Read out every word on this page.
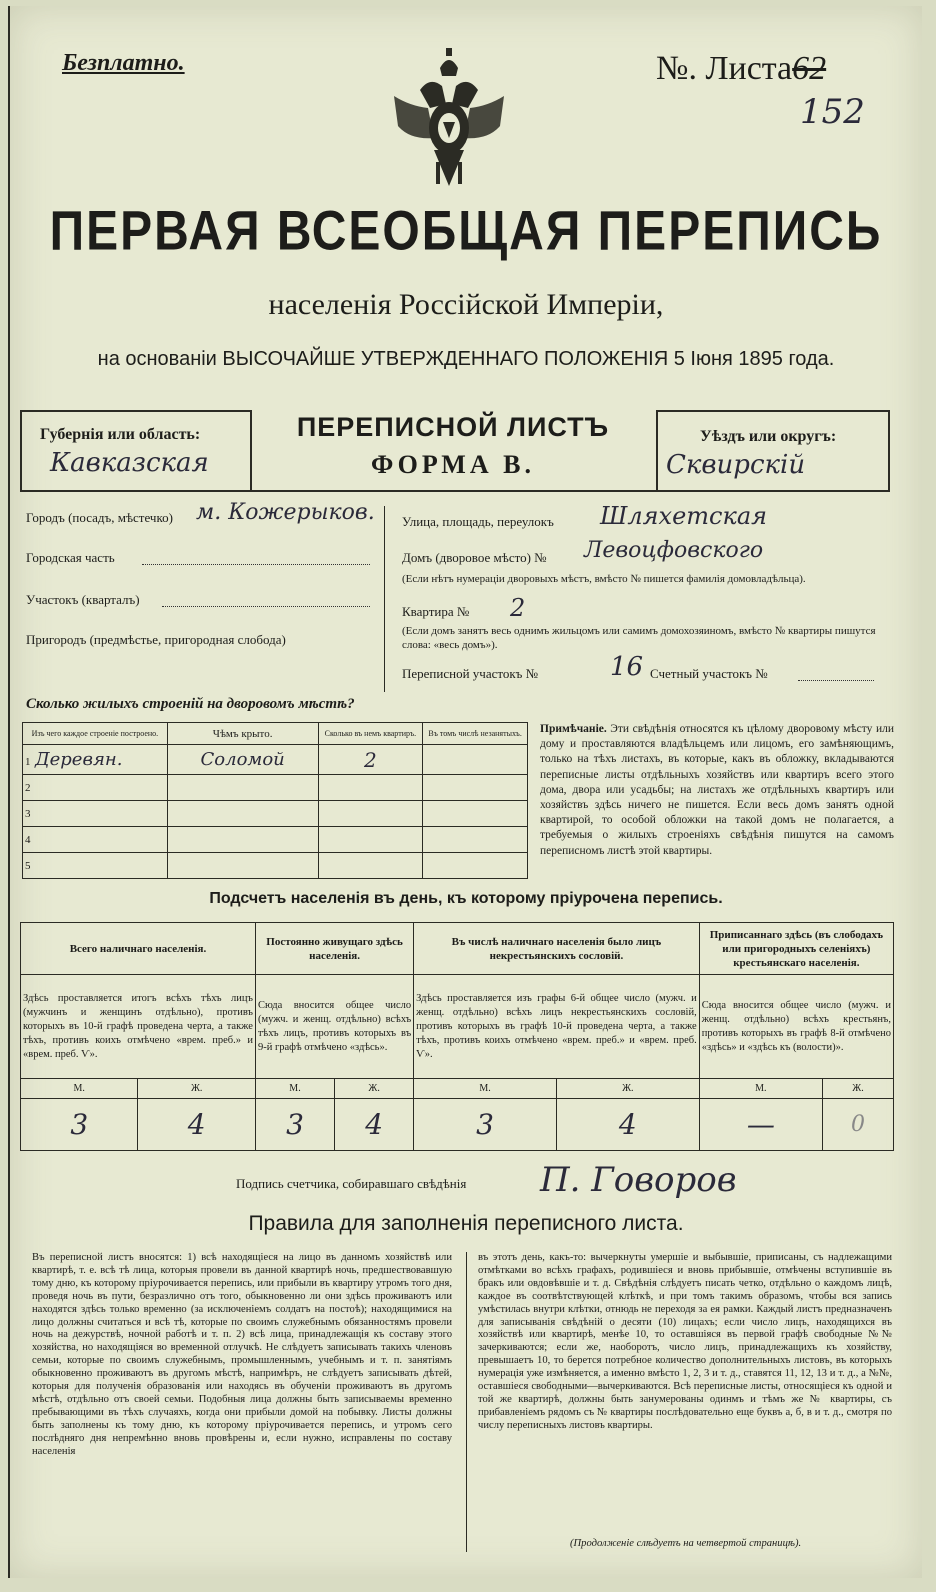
Безплатно.	№. Листа62
152
ПЕРВАЯ ВСЕОБЩАЯ ПЕРЕПИСЬ
населенія Россійской Имперіи,
на основаніи ВЫСОЧАЙШЕ УТВЕРЖДЕННАГО ПОЛОЖЕНІЯ 5 Іюня 1895 года.
Губернія или область:
Кавказская
Уѣздъ или округъ:
Сквирскій
ПЕРЕПИСНОЙ ЛИСТЪ
ФОРМА В.
Городъ (посадъ, мѣстечко) м. Кожерыков.
Городская часть
Участокъ (кварталъ)
Пригородъ (предмѣстье, пригородная слобода)
Улица, площадь, переулокъ Шляхетская
Домъ (дворовое мѣсто) № Левоцфовского
(Если нѣтъ нумераціи дворовыхъ мѣстъ, вмѣсто № пишется фамилія домовладѣльца).
Квартира № 2
(Если домъ занятъ весь однимъ жильцомъ или самимъ домохозяиномъ, вмѣсто № квартиры пишутся слова: «весь домъ»).
Переписной участокъ №	16 Счетный участокъ №
Сколько жилыхъ строеній на дворовомъ мѣстѣ?
Изъ чего каждое строеніе построено.	Чѣмъ крыто.	Сколько въ немъ квартиръ.	Въ томъ числѣ незанятыхъ.
1 Деревян.	Соломой	2	
2			
3			
4			
5			
Примѣчаніе. Эти свѣдѣнія относятся къ цѣлому дворовому мѣсту или дому и проставляются владѣльцемъ или лицомъ, его замѣняющимъ, только на тѣхъ листахъ, въ которые, какъ въ обложку, вкладываются переписные листы отдѣльныхъ хозяйствъ или квартиръ всего этого дома, двора или усадьбы; на листахъ же отдѣльныхъ квартиръ или хозяйствъ здѣсь ничего не пишется. Если весь домъ занятъ одной квартирой, то особой обложки на такой домъ не полагается, а требуемыя о жилыхъ строеніяхъ свѣдѣнія пишутся на самомъ переписномъ листѣ этой квартиры.
Подсчетъ населенія въ день, къ которому пріурочена перепись.
Всего наличнаго населенія.		Постоянно живущаго здѣсь населенія.		Въ числѣ наличнаго населенія было лицъ некрестьянскихъ сословій.		Приписаннаго здѣсь (въ слободахъ или пригородныхъ селеніяхъ) крестьянскаго населенія.	
Здѣсь проставляется итогъ всѣхъ тѣхъ лицъ (мужчинъ и женщинъ отдѣльно), противъ которыхъ въ 10-й графѣ проведена черта, а также тѣхъ, противъ коихъ отмѣчено «врем. преб.» и «врем. преб. Ѵ».		Сюда вносится общее число (мужч. и женщ. отдѣльно) всѣхъ тѣхъ лицъ, противъ которыхъ въ 9-й графѣ отмѣчено «здѣсь».		Здѣсь проставляется изъ графы 6-й общее число (мужч. и женщ. отдѣльно) всѣхъ лицъ некрестьянскихъ сословій, противъ которыхъ въ графѣ 10-й проведена черта, а также тѣхъ, противъ коихъ отмѣчено «врем. преб.» и «врем. преб. Ѵ».		Сюда вносится общее число (мужч. и женщ. отдѣльно) всѣхъ крестьянъ, противъ которыхъ въ графѣ 8-й отмѣчено «здѣсь» и «здѣсь къ (волости)».	
М.	Ж.	М.	Ж.	М.	Ж.	М.	Ж.
3	4	3	4	3	4	—	0
Подпись счетчика, собиравшаго свѣдѣнія П. Говоров
Правила для заполненія переписного листа.
Въ переписной листъ вносятся: 1) всѣ находящіеся на лицо въ данномъ хозяйствѣ или квартирѣ, т. е. всѣ тѣ лица, которыя провели въ данной квартирѣ ночь, предшествовавшую тому дню, къ которому пріурочивается перепись, или прибыли въ квартиру утромъ того дня, проведя ночь въ пути, безразлично отъ того, обыкновенно ли они здѣсь проживаютъ или находятся здѣсь только временно (за исключеніемъ солдатъ на постоѣ); находящимися на лицо должны считаться и всѣ тѣ, которые по своимъ служебнымъ обязанностямъ провели ночь на дежурствѣ, ночной работѣ и т. п. 2) всѣ лица, принадлежащія къ составу этого хозяйства, но находящіяся во временной отлучкѣ. Не слѣдуетъ записывать такихъ членовъ семьи, которые по своимъ служебнымъ, промышленнымъ, учебнымъ и т. п. занятіямъ обыкновенно проживаютъ въ другомъ мѣстѣ, напримѣръ, не слѣдуетъ записывать дѣтей, которыя для полученія образованія или находясь въ обученіи проживаютъ въ другомъ мѣстѣ, отдѣльно отъ своей семьи. Подобныя лица должны быть записываемы временно пребывающими въ тѣхъ случаяхъ, когда они прибыли домой на побывку. Листы должны быть заполнены къ тому дню, къ которому пріурочивается перепись, и утромъ сего послѣдняго дня непремѣнно вновь провѣрены и, если нужно, исправлены по составу населенія
въ этотъ день, какъ-то: вычеркнуты умершіе и выбывшіе, приписаны, съ надлежащими отмѣтками во всѣхъ графахъ, родившіеся и вновь прибывшіе, отмѣчены вступившіе въ бракъ или овдовѣвшіе и т. д. Свѣдѣнія слѣдуетъ писать четко, отдѣльно о каждомъ лицѣ, каждое въ соотвѣтствующей клѣткѣ, и при томъ такимъ образомъ, чтобы вся запись умѣстилась внутри клѣтки, отнюдь не переходя за ея рамки. Каждый листъ предназначенъ для записыванія свѣдѣній о десяти (10) лицахъ; если число лицъ, находящихся въ хозяйствѣ или квартирѣ, менѣе 10, то оставшіяся въ первой графѣ свободные №№ зачеркиваются; если же, наоборотъ, число лицъ, принадлежащихъ къ хозяйству, превышаетъ 10, то берется потребное количество дополнительныхъ листовъ, въ которыхъ нумерація уже измѣняется, а именно вмѣсто 1, 2, 3 и т. д., ставятся 11, 12, 13 и т. д., а №№, оставшіеся свободными—вычеркиваются. Всѣ переписные листы, относящіеся къ одной и той же квартирѣ, должны быть занумерованы одинмъ и тѣмъ же № квартиры, съ прибавленіемъ рядомъ съ № квартиры послѣдовательно еще буквъ а, б, в и т. д., смотря по числу переписныхъ листовъ квартиры.
(Продолженіе слѣдуетъ на четвертой страницѣ).
